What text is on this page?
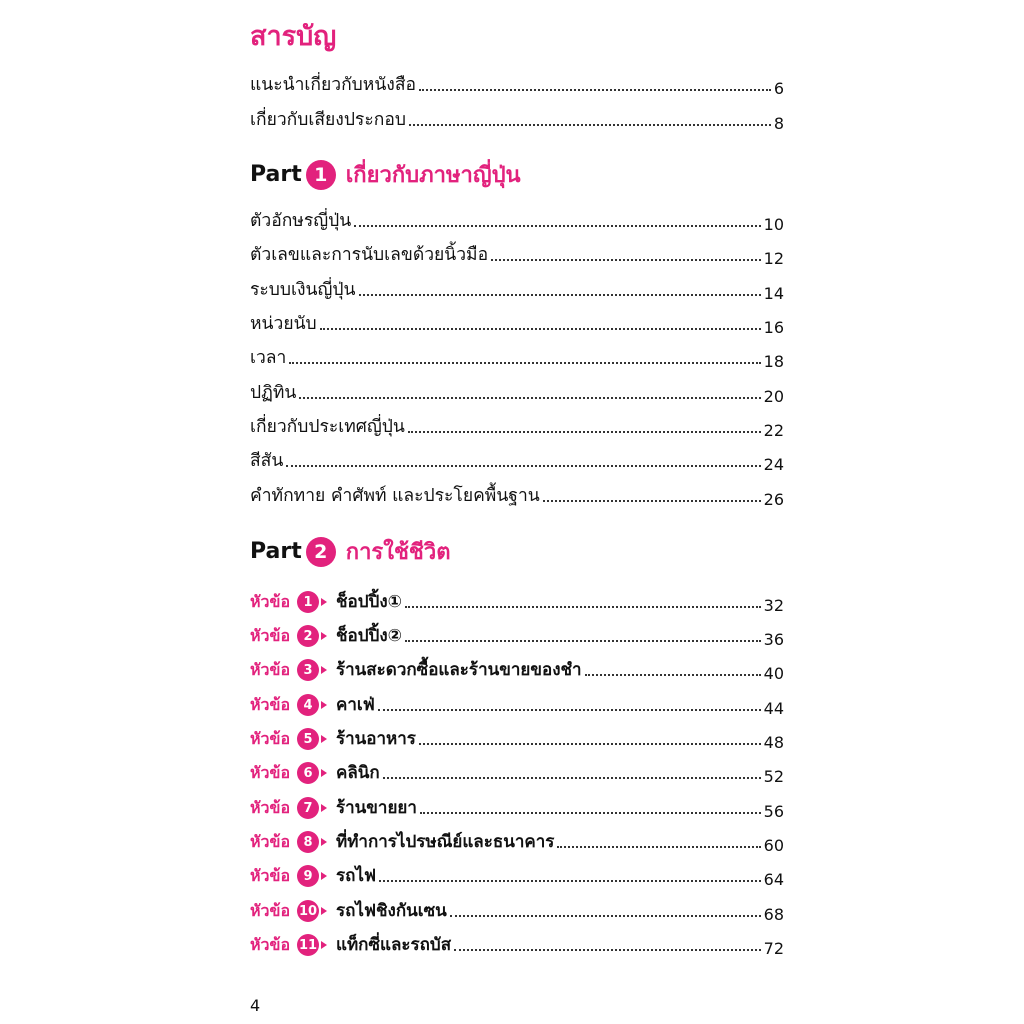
สารบัญ
แนะนำเกี่ยวกับหนังสือ	6
เกี่ยวกับเสียงประกอบ	8
Part 1 เกี่ยวกับภาษาญี่ปุ่น
ตัวอักษรญี่ปุ่น	10
ตัวเลขและการนับเลขด้วยนิ้วมือ	12
ระบบเงินญี่ปุ่น	14
หน่วยนับ	16
เวลา	18
ปฏิทิน	20
เกี่ยวกับประเทศญี่ปุ่น	22
สีสัน	24
คำทักทาย คำศัพท์ และประโยคพื้นฐาน	26
Part 2 การใช้ชีวิต
หัวข้อ	1	ช็อปปิ้ง①	32
หัวข้อ	2	ช็อปปิ้ง②	36
หัวข้อ	3	ร้านสะดวกซื้อและร้านขายของชำ	40
หัวข้อ	4	คาเฟ่	44
หัวข้อ	5	ร้านอาหาร	48
หัวข้อ	6	คลินิก	52
หัวข้อ	7	ร้านขายยา	56
หัวข้อ	8	ที่ทำการไปรษณีย์และธนาคาร	60
หัวข้อ	9	รถไฟ	64
หัวข้อ 10 รถไฟชิงกันเซน	68
หัวข้อ 11 แท็กซี่และรถบัส	72
4
